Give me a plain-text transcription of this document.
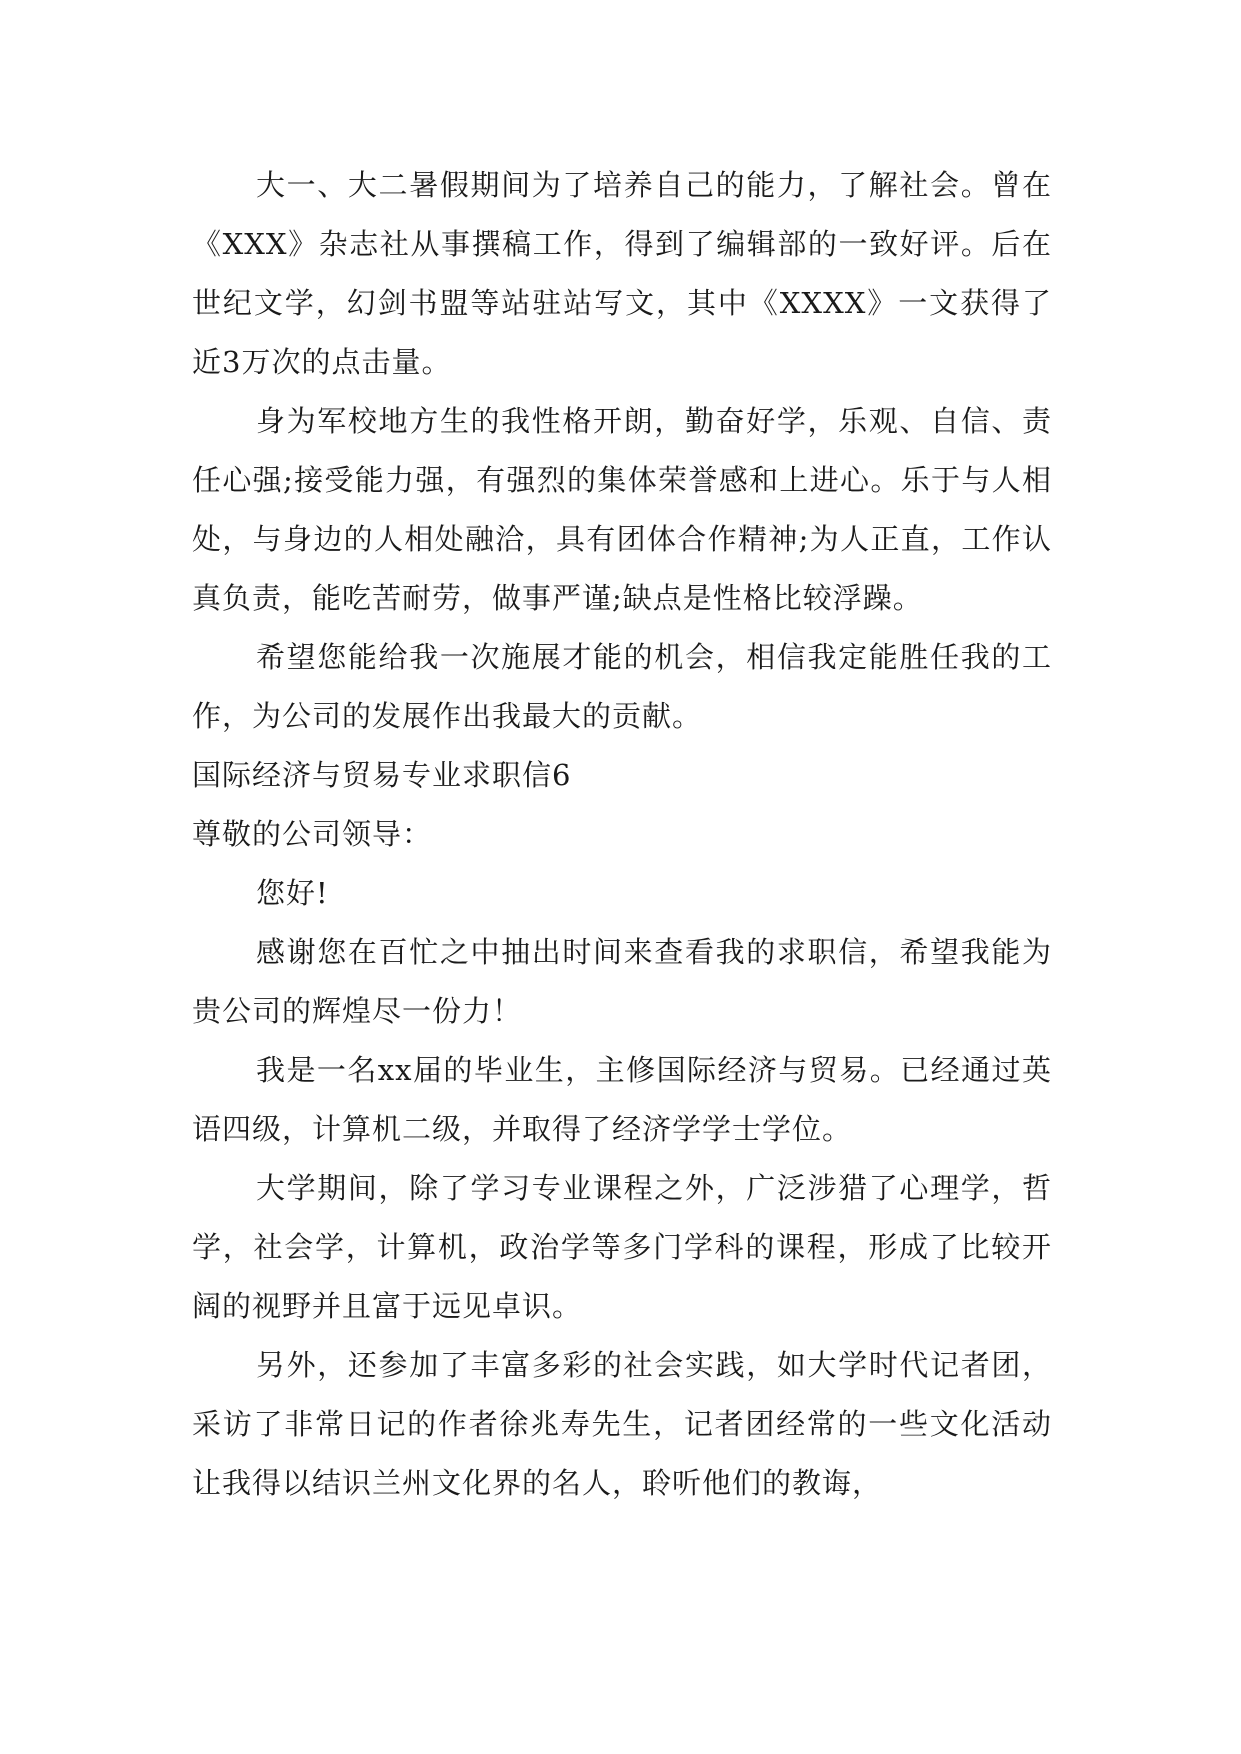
大一、大二暑假期间为了培养自己的能力，了解社会。曾在《XXX》杂志社从事撰稿工作，得到了编辑部的一致好评。后在世纪文学，幻剑书盟等站驻站写文，其中《XXXX》一文获得了近3万次的点击量。

身为军校地方生的我性格开朗，勤奋好学，乐观、自信、责任心强;接受能力强，有强烈的集体荣誉感和上进心。乐于与人相处，与身边的人相处融洽，具有团体合作精神;为人正直，工作认真负责，能吃苦耐劳，做事严谨;缺点是性格比较浮躁。

希望您能给我一次施展才能的机会，相信我定能胜任我的工作，为公司的发展作出我最大的贡献。

国际经济与贸易专业求职信6

尊敬的公司领导：

您好!

感谢您在百忙之中抽出时间来查看我的求职信，希望我能为贵公司的辉煌尽一份力！

我是一名xx届的毕业生，主修国际经济与贸易。已经通过英语四级，计算机二级，并取得了经济学学士学位。

大学期间，除了学习专业课程之外，广泛涉猎了心理学，哲学，社会学，计算机，政治学等多门学科的课程，形成了比较开阔的视野并且富于远见卓识。

另外，还参加了丰富多彩的社会实践，如大学时代记者团，采访了非常日记的作者徐兆寿先生，记者团经常的一些文化活动让我得以结识兰州文化界的名人，聆听他们的教诲，
